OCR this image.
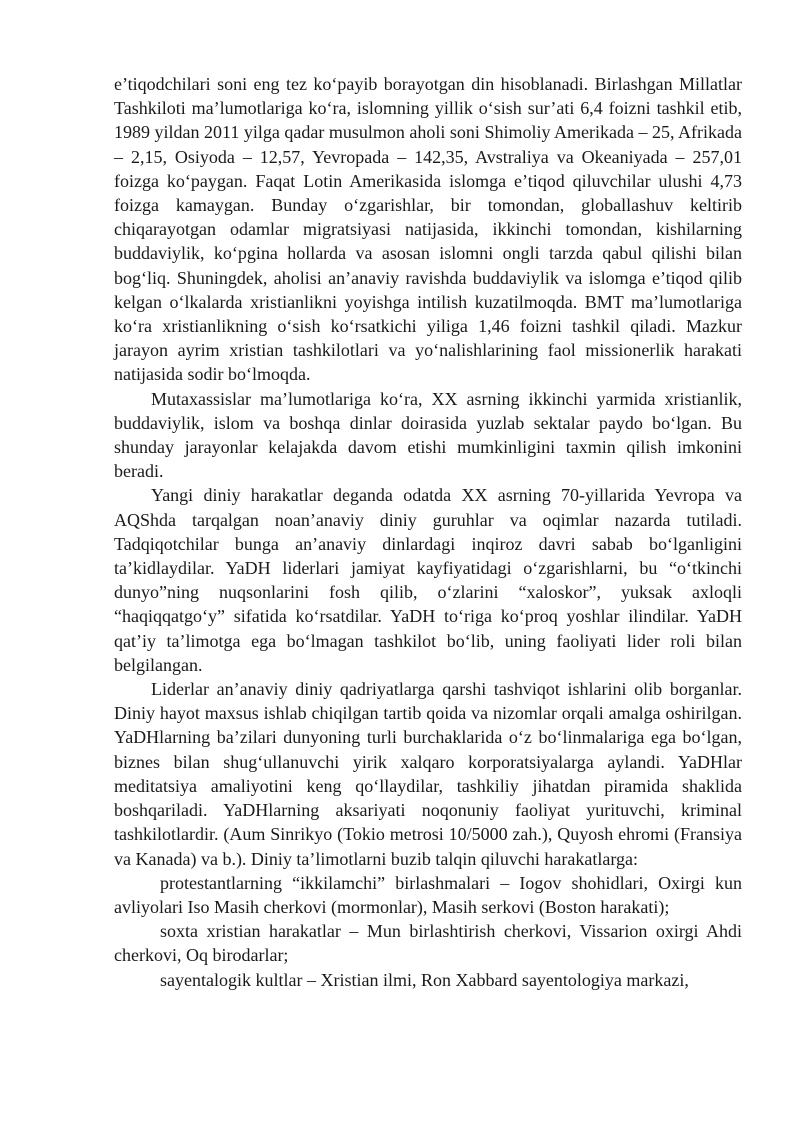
e’tiqodchilari soni eng tez ko‘payib borayotgan din hisoblanadi. Birlashgan Millatlar Tashkiloti ma’lumotlariga ko‘ra, islomning yillik o‘sish sur’ati 6,4 foizni tashkil etib, 1989 yildan 2011 yilga qadar musulmon aholi soni Shimoliy Amerikada – 25, Afrikada – 2,15, Osiyoda – 12,57, Yevropada – 142,35, Avstraliya va Okeaniyada – 257,01 foizga ko‘paygan. Faqat Lotin Amerikasida islomga e’tiqod qiluvchilar ulushi 4,73 foizga kamaygan. Bunday o‘zgarishlar, bir tomondan, globallashuv keltirib chiqarayotgan odamlar migratsiyasi natijasida, ikkinchi tomondan, kishilarning buddaviylik, ko‘pgina hollarda va asosan islomni ongli tarzda qabul qilishi bilan bog‘liq. Shuningdek, aholisi an’anaviy ravishda buddaviylik va islomga e’tiqod qilib kelgan o‘lkalarda xristianlikni yoyishga intilish kuzatilmoqda. BMT ma’lumotlariga ko‘ra xristianlikning o‘sish ko‘rsatkichi yiliga 1,46 foizni tashkil qiladi. Mazkur jarayon ayrim xristian tashkilotlari va yo‘nalishlarining faol missionerlik harakati natijasida sodir bo‘lmoqda.

Mutaxassislar ma’lumotlariga ko‘ra, XX asrning ikkinchi yarmida xristianlik, buddaviylik, islom va boshqa dinlar doirasida yuzlab sektalar paydo bo‘lgan. Bu shunday jarayonlar kelajakda davom etishi mumkinligini taxmin qilish imkonini beradi.

Yangi diniy harakatlar deganda odatda XX asrning 70-yillarida Yevropa va AQShda tarqalgan noan’anaviy diniy guruhlar va oqimlar nazarda tutiladi. Tadqiqotchilar bunga an’anaviy dinlardagi inqiroz davri sabab bo‘lganligini ta’kidlaydilar. YaDH liderlari jamiyat kayfiyatidagi o‘zgarishlarni, bu “o‘tkinchi dunyo”ning nuqsonlarini fosh qilib, o‘zlarini “xaloskor”, yuksak axloqli “haqiqqatgo‘y” sifatida ko‘rsatdilar. YaDH to‘riga ko‘proq yoshlar ilindilar. YaDH qat’iy ta’limotga ega bo‘lmagan tashkilot bo‘lib, uning faoliyati lider roli bilan belgilangan.

Liderlar an’anaviy diniy qadriyatlarga qarshi tashviqot ishlarini olib borganlar. Diniy hayot maxsus ishlab chiqilgan tartib qoida va nizomlar orqali amalga oshirilgan. YaDHlarning ba’zilari dunyoning turli burchaklarida o‘z bo‘linmalariga ega bo‘lgan, biznes bilan shug‘ullanuvchi yirik xalqaro korporatsiyalarga aylandi. YaDHlar meditatsiya amaliyotini keng qo‘llaydilar, tashkiliy jihatdan piramida shaklida boshqariladi. YaDHlarning aksariyati noqonuniy faoliyat yurituvchi, kriminal tashkilotlardir. (Aum Sinrikyo (Tokio metrosi 10/5000 zah.), Quyosh ehromi (Fransiya va Kanada) va b.). Diniy ta’limotlarni buzib talqin qiluvchi harakatlarga:

protestantlarning “ikkilamchi” birlashmalari – Iogov shohidlari, Oxirgi kun avliyolari Iso Masih cherkovi (mormonlar), Masih serkovi (Boston harakati);

soxta xristian harakatlar – Mun birlashtirish cherkovi, Vissarion oxirgi Ahdi cherkovi, Oq birodarlar;

sayentalogik kultlar – Xristian ilmi, Ron Xabbard sayentologiya markazi,
